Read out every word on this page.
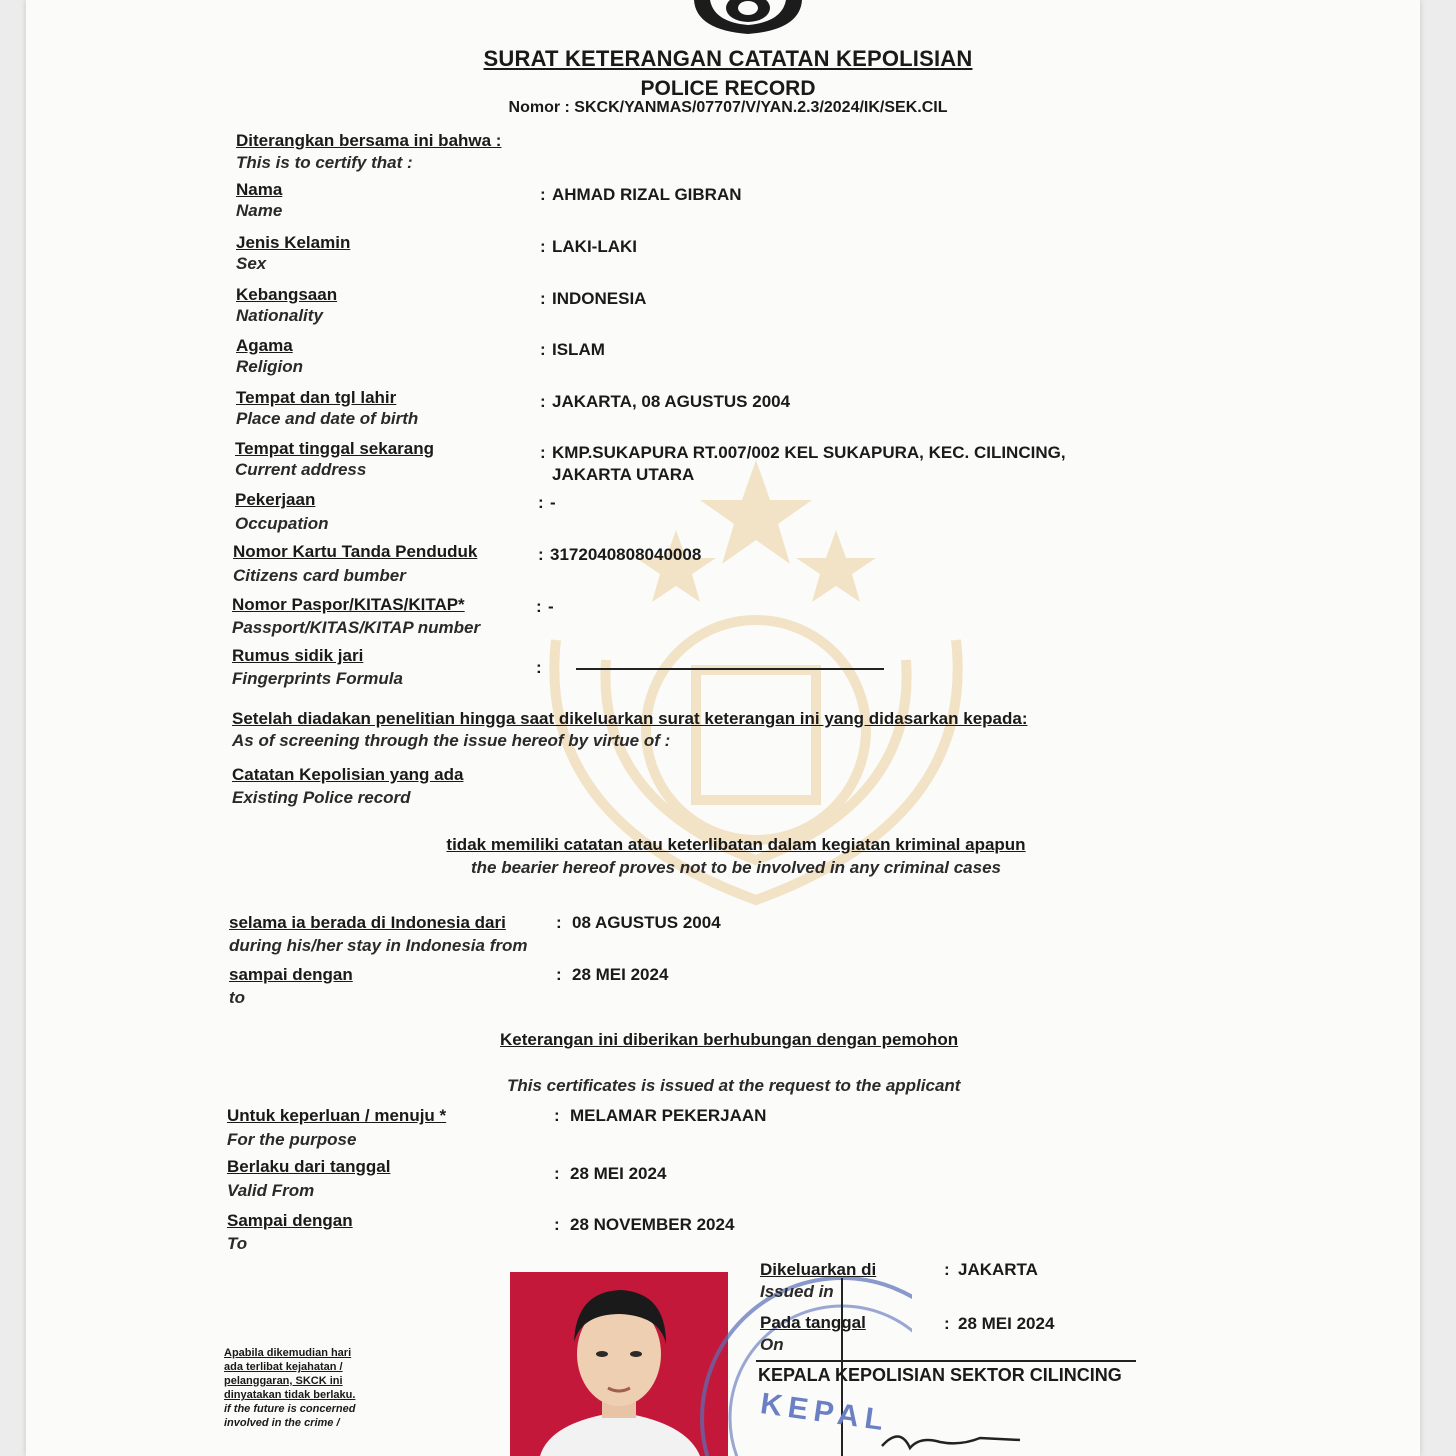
SURAT KETERANGAN CATATAN KEPOLISIAN
POLICE RECORD
Nomor : SKCK/YANMAS/07707/V/YAN.2.3/2024/IK/SEK.CIL
Diterangkan bersama ini bahwa :
This is to certify that :
Nama
Name
: AHMAD RIZAL GIBRAN
Jenis Kelamin
Sex
: LAKI-LAKI
Kebangsaan
Nationality
: INDONESIA
Agama
Religion
: ISLAM
Tempat dan tgl lahir
Place and date of birth
: JAKARTA, 08 AGUSTUS 2004
Tempat tinggal sekarang
Current address
: KMP.SUKAPURA RT.007/002 KEL SUKAPURA, KEC. CILINCING,
JAKARTA UTARA
Pekerjaan
Occupation
: -
Nomor Kartu Tanda Penduduk
Citizens card bumber
: 3172040808040008
Nomor Paspor/KITAS/KITAP*
Passport/KITAS/KITAP number
: -
Rumus sidik jari
Fingerprints Formula
:
Setelah diadakan penelitian hingga saat dikeluarkan surat keterangan ini yang didasarkan kepada:
As of screening through the issue hereof by virtue of :
Catatan Kepolisian yang ada
Existing Police record
tidak memiliki catatan atau keterlibatan dalam kegiatan kriminal apapun
the bearier hereof proves not to be involved in any criminal cases
selama ia berada di Indonesia dari
during his/her stay in Indonesia from
: 08 AGUSTUS 2004
sampai dengan
to
: 28 MEI 2024
Keterangan ini diberikan berhubungan dengan pemohon
This certificates is issued at the request to the applicant
Untuk keperluan / menuju *
For the purpose
: MELAMAR PEKERJAAN
Berlaku dari tanggal
Valid From
: 28 MEI 2024
Sampai dengan
To
: 28 NOVEMBER 2024
KEPAL
Dikeluarkan di
Issued in
: JAKARTA
Pada tanggal
On
: 28 MEI 2024
KEPALA KEPOLISIAN SEKTOR CILINCING
Apabila dikemudian hari
ada terlibat kejahatan /
pelanggaran, SKCK ini
dinyatakan tidak berlaku.
if the future is concerned
involved in the crime /
